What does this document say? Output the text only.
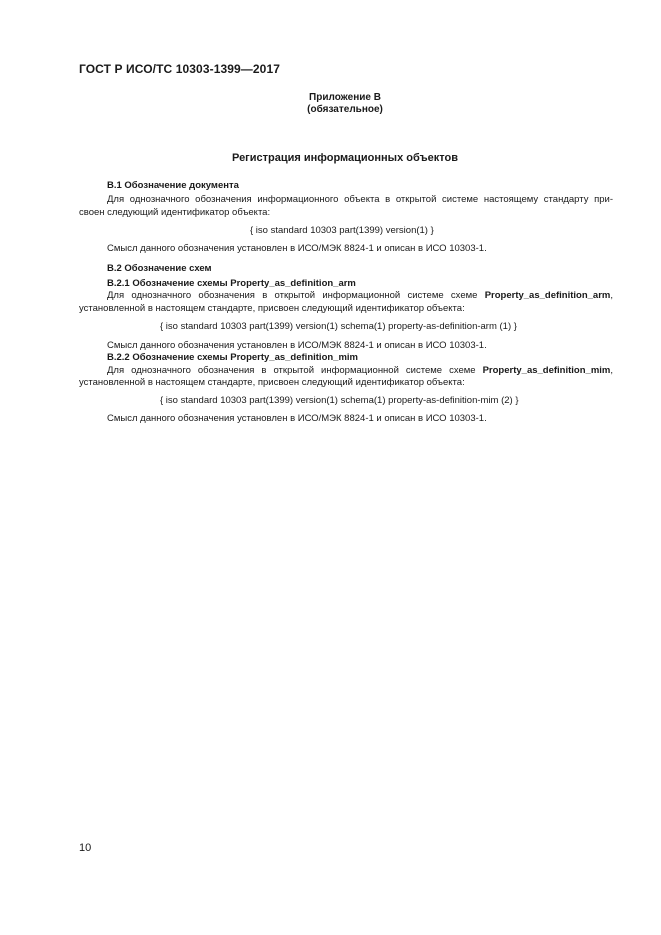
ГОСТ Р ИСО/ТС 10303-1399—2017
Приложение В
(обязательное)
Регистрация информационных объектов
В.1 Обозначение документа
Для однозначного обозначения информационного объекта в открытой системе настоящему стандарту при-
своен следующий идентификатор объекта:
{ iso standard 10303 part(1399) version(1) }
Смысл данного обозначения установлен в ИСО/МЭК 8824-1 и описан в ИСО 10303-1.
В.2 Обозначение схем
В.2.1 Обозначение схемы Property_as_definition_arm
Для однозначного обозначения в открытой информационной системе схеме Property_as_definition_arm,
установленной в настоящем стандарте, присвоен следующий идентификатор объекта:
{ iso standard 10303 part(1399) version(1) schema(1) property-as-definition-arm (1) }
Смысл данного обозначения установлен в ИСО/МЭК 8824-1 и описан в ИСО 10303-1.
В.2.2 Обозначение схемы Property_as_definition_mim
Для однозначного обозначения в открытой информационной системе схеме Property_as_definition_mim,
установленной в настоящем стандарте, присвоен следующий идентификатор объекта:
{ iso standard 10303 part(1399) version(1) schema(1) property-as-definition-mim (2) }
Смысл данного обозначения установлен в ИСО/МЭК 8824-1 и описан в ИСО 10303-1.
10
